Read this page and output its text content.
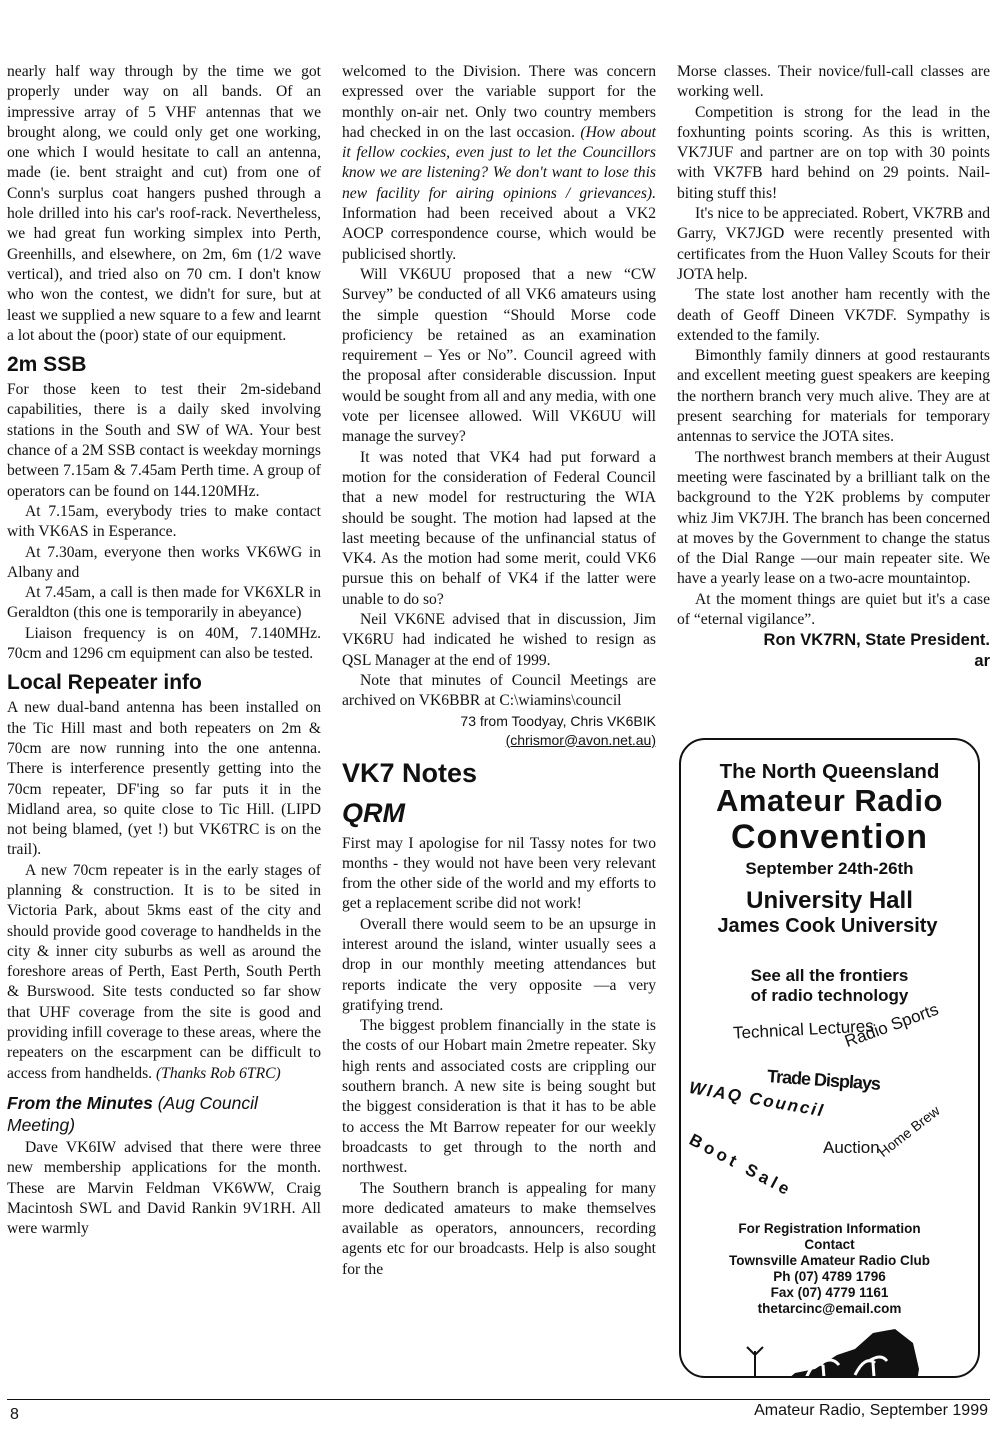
nearly half way through by the time we got properly under way on all bands. Of an impressive array of 5 VHF antennas that we brought along, we could only get one working, one which I would hesitate to call an antenna, made (ie. bent straight and cut) from one of Conn's surplus coat hangers pushed through a hole drilled into his car's roof-rack. Nevertheless, we had great fun working simplex into Perth, Greenhills, and elsewhere, on 2m, 6m (1/2 wave vertical), and tried also on 70 cm. I don't know who won the contest, we didn't for sure, but at least we supplied a new square to a few and learnt a lot about the (poor) state of our equipment.

2m SSB

For those keen to test their 2m-sideband capabilities, there is a daily sked involving stations in the South and SW of WA. Your best chance of a 2M SSB contact is weekday mornings between 7.15am & 7.45am Perth time. A group of operators can be found on 144.120MHz.

At 7.15am, everybody tries to make contact with VK6AS in Esperance.

At 7.30am, everyone then works VK6WG in Albany and

At 7.45am, a call is then made for VK6XLR in Geraldton (this one is temporarily in abeyance)

Liaison frequency is on 40M, 7.140MHz. 70cm and 1296 cm equipment can also be tested.

Local Repeater info

A new dual-band antenna has been installed on the Tic Hill mast and both repeaters on 2m & 70cm are now running into the one antenna. There is interference presently getting into the 70cm repeater, DF'ing so far puts it in the Midland area, so quite close to Tic Hill. (LIPD not being blamed, (yet !) but VK6TRC is on the trail).

A new 70cm repeater is in the early stages of planning & construction. It is to be sited in Victoria Park, about 5kms east of the city and should provide good coverage to handhelds in the city & inner city suburbs as well as around the foreshore areas of Perth, East Perth, South Perth & Burswood. Site tests conducted so far show that UHF coverage from the site is good and providing infill coverage to these areas, where the repeaters on the escarpment can be difficult to access from handhelds. (Thanks Rob 6TRC)

From the Minutes (Aug Council Meeting)

Dave VK6IW advised that there were three new membership applications for the month. These are Marvin Feldman VK6WW, Craig Macintosh SWL and David Rankin 9V1RH. All were warmly

welcomed to the Division. There was concern expressed over the variable support for the monthly on-air net. Only two country members had checked in on the last occasion. (How about it fellow cockies, even just to let the Councillors know we are listening? We don't want to lose this new facility for airing opinions / grievances). Information had been received about a VK2 AOCP correspondence course, which would be publicised shortly.

Will VK6UU proposed that a new “CW Survey” be conducted of all VK6 amateurs using the simple question “Should Morse code proficiency be retained as an examination requirement – Yes or No”. Council agreed with the proposal after considerable discussion. Input would be sought from all and any media, with one vote per licensee allowed. Will VK6UU will manage the survey?

It was noted that VK4 had put forward a motion for the consideration of Federal Council that a new model for restructuring the WIA should be sought. The motion had lapsed at the last meeting because of the unfinancial status of VK4. As the motion had some merit, could VK6 pursue this on behalf of VK4 if the latter were unable to do so?

Neil VK6NE advised that in discussion, Jim VK6RU had indicated he wished to resign as QSL Manager at the end of 1999.

Note that minutes of Council Meetings are archived on VK6BBR at C:\wiamins\council

73 from Toodyay, Chris VK6BIK

(chrismor@avon.net.au)

VK7 Notes
QRM

First may I apologise for nil Tassy notes for two months - they would not have been very relevant from the other side of the world and my efforts to get a replacement scribe did not work!

Overall there would seem to be an upsurge in interest around the island, winter usually sees a drop in our monthly meeting attendances but reports indicate the very opposite —a very gratifying trend.

The biggest problem financially in the state is the costs of our Hobart main 2metre repeater. Sky high rents and associated costs are crippling our southern branch. A new site is being sought but the biggest consideration is that it has to be able to access the Mt Barrow repeater for our weekly broadcasts to get through to the north and northwest.

The Southern branch is appealing for many more dedicated amateurs to make themselves available as operators, announcers, recording agents etc for our broadcasts. Help is also sought for the

Morse classes. Their novice/full-call classes are working well.

Competition is strong for the lead in the foxhunting points scoring. As this is written, VK7JUF and partner are on top with 30 points with VK7FB hard behind on 29 points. Nail-biting stuff this!

It's nice to be appreciated. Robert, VK7RB and Garry, VK7JGD were recently presented with certificates from the Huon Valley Scouts for their JOTA help.

The state lost another ham recently with the death of Geoff Dineen VK7DF. Sympathy is extended to the family.

Bimonthly family dinners at good restaurants and excellent meeting guest speakers are keeping the northern branch very much alive. They are at present searching for materials for temporary antennas to service the JOTA sites.

The northwest branch members at their August meeting were fascinated by a brilliant talk on the background to the Y2K problems by computer whiz Jim VK7JH. The branch has been concerned at moves by the Government to change the status of the Dial Range —our main repeater site. We have a yearly lease on a two-acre mountaintop.

At the moment things are quiet but it's a case of “eternal vigilance”.

Ron VK7RN, State President.

ar

The North Queensland
Amateur Radio
Convention
September 24th-26th
University Hall
James Cook University
See all the frontiers
of radio technology
Technical Lectures
Radio Sports
Trade Displays
WIAQ Council
Boot Sale Auction
Home Brew
For Registration Information
Contact
Townsville Amateur Radio Club
Ph (07) 4789 1796
Fax (07) 4779 1161
thetarcinc@email.com
8	Amateur Radio, September 1999
